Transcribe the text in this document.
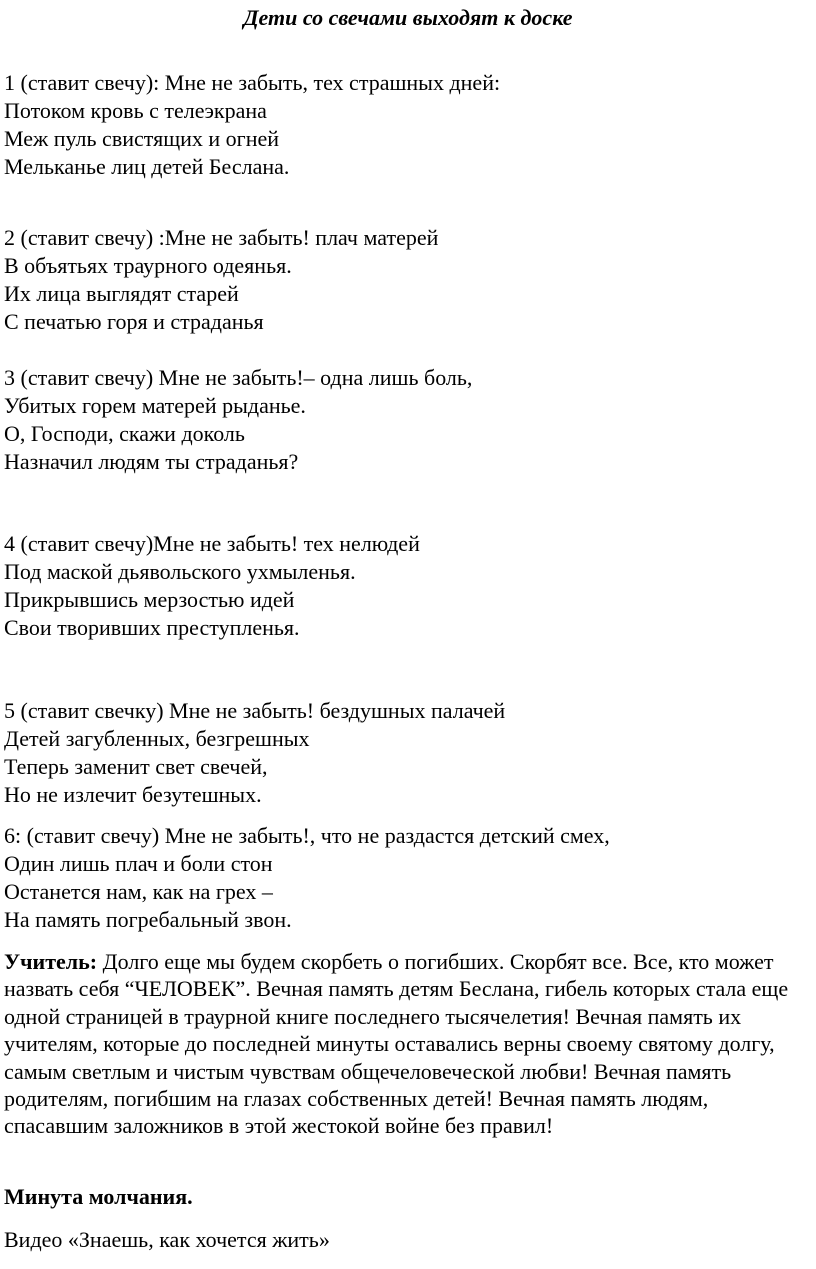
Дети со свечами выходят к доске
1 (ставит свечу): Мне не забыть, тех страшных дней:
Потоком кровь с телеэкрана
Меж пуль свистящих и огней
Мельканье лиц детей Беслана.
2 (ставит свечу) :Мне не забыть! плач матерей
В объятьях траурного одеянья.
Их лица выглядят старей
С печатью горя и страданья
3 (ставит свечу) Мне не забыть!– одна лишь боль,
Убитых горем матерей рыданье.
О, Господи, скажи доколь
Назначил людям ты страданья?
4 (ставит свечу)Мне не забыть! тех нелюдей
Под маской дьявольского ухмыленья.
Прикрывшись мерзостью идей
Свои творивших преступленья.
5 (ставит свечку) Мне не забыть! бездушных палачей
Детей загубленных, безгрешных
Теперь заменит свет свечей,
Но не излечит безутешных.
6: (ставит свечу) Мне не забыть!, что не раздастся детский смех,
Один лишь плач и боли стон
Останется нам, как на грех –
На память погребальный звон.

Учитель: Долго еще мы будем скорбеть о погибших. Скорбят все. Все, кто может назвать себя “ЧЕЛОВЕК”. Вечная память детям Беслана, гибель которых стала еще одной страницей в траурной книге последнего тысячелетия! Вечная память их учителям, которые до последней минуты оставались верны своему святому долгу, самым светлым и чистым чувствам общечеловеческой любви! Вечная память родителям, погибшим на глазах собственных детей! Вечная память людям, спасавшим заложников в этой жестокой войне без правил!

Минута молчания.

Видео «Знаешь, как хочется жить»
